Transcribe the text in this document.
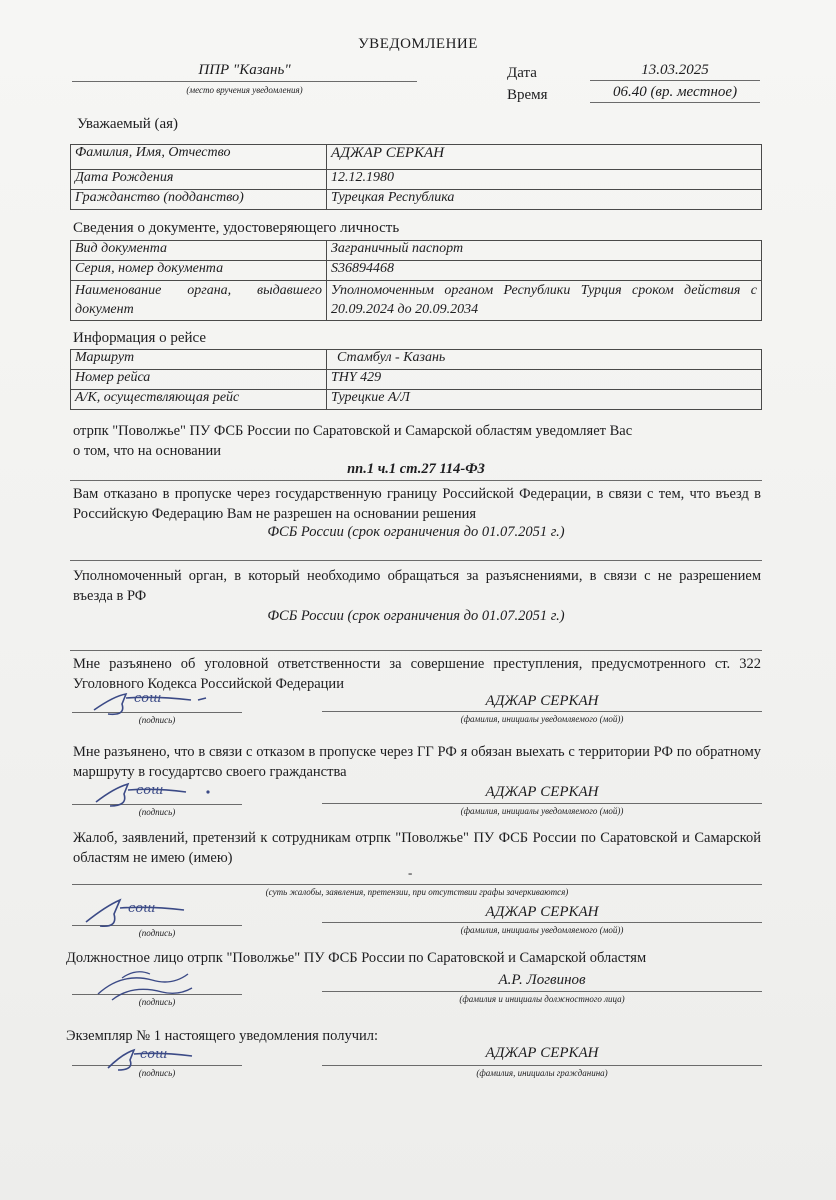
УВЕДОМЛЕНИЕ
ППР "Казань"
(место вручения уведомления)
Дата	13.03.2025
Время	06.40 (вр. местное)
Уважаемый (ая)
Фамилия, Имя, Отчество	АДЖАР СЕРКАН
Дата Рождения	12.12.1980
Гражданство (подданство)	Турецкая Республика
Сведения о документе, удостоверяющего личность
Вид документа	Заграничный паспорт
Серия, номер документа	S36894468
Наименование органа, выдавшего документ	Уполномоченным органом Республики Турция сроком действия с 20.09.2024 до 20.09.2034
Информация о рейсе
Маршрут	Стамбул - Казань
Номер рейса	THY 429
А/К, осуществляющая рейс	Турецкие А/Л
отрпк "Поволжье" ПУ ФСБ России по Саратовской и Самарской областям уведомляет Вас
о том, что на основании
пп.1 ч.1 ст.27 114-ФЗ
Вам отказано в пропуске через государственную границу Российской Федерации, в связи с тем, что въезд в Российскую Федерацию Вам не разрешен на основании решения
ФСБ России (срок ограничения до 01.07.2051 г.)
Уполномоченный орган, в который необходимо обращаться за разъяснениями, в связи с не разрешением въезда в РФ
ФСБ России (срок ограничения до 01.07.2051 г.)
Мне разъянено об уголовной ответственности за совершение преступления, предусмотренного ст. 322 Уголовного Кодекса Российской Федерации
(подпись)
АДЖАР СЕРКАН
(фамилия, инициалы уведомляемого (мой))
сош
Мне разъянено, что в связи с отказом в пропуске через ГГ РФ я обязан выехать с территории РФ по обратному маршруту в государтсво своего гражданства
(подпись)
АДЖАР СЕРКАН
(фамилия, инициалы уведомляемого (мой))
сош
Жалоб, заявлений, претензий к сотрудникам отрпк "Поволжье" ПУ ФСБ России по Саратовской и Самарской областям не имею (имею)
-
(суть жалобы, заявления, претензии, при отсутствии графы зачеркиваются)
(подпись)
АДЖАР СЕРКАН
(фамилия, инициалы уведомляемого (мой))
сош
Должностное лицо отрпк "Поволжье" ПУ ФСБ России по Саратовской и Самарской областям
(подпись)
А.Р. Логвинов
(фамилия и инициалы должностного лица)
Экземпляр № 1 настоящего уведомления получил:
(подпись)
АДЖАР СЕРКАН
(фамилия, инициалы гражданина)
сош
